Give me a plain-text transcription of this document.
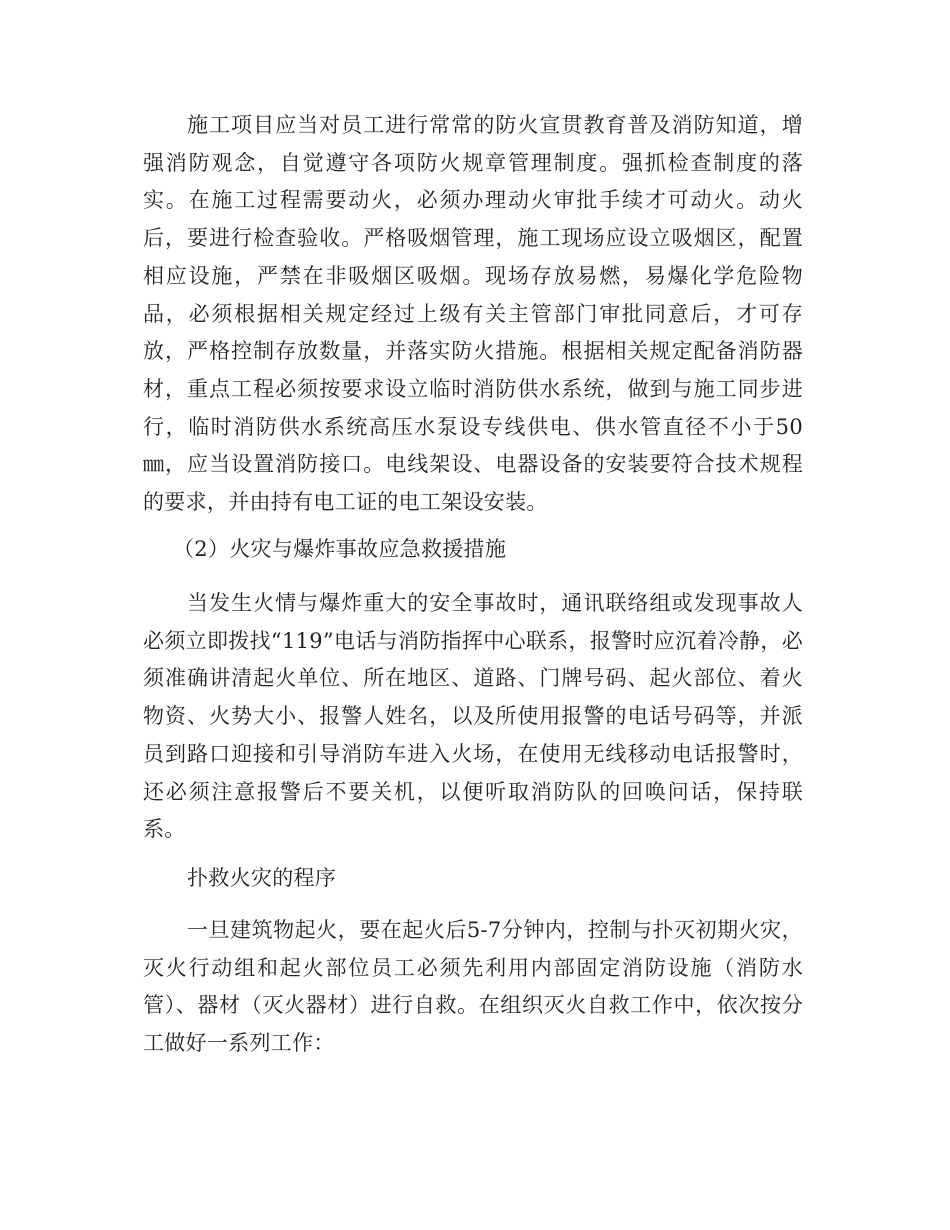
施工项目应当对员工进行常常的防火宣贯教育普及消防知道，增强消防观念，自觉遵守各项防火规章管理制度。强抓检查制度的落实。在施工过程需要动火，必须办理动火审批手续才可动火。动火后，要进行检查验收。严格吸烟管理，施工现场应设立吸烟区，配置相应设施，严禁在非吸烟区吸烟。现场存放易燃，易爆化学危险物品，必须根据相关规定经过上级有关主管部门审批同意后，才可存放，严格控制存放数量，并落实防火措施。根据相关规定配备消防器材，重点工程必须按要求设立临时消防供水系统，做到与施工同步进行，临时消防供水系统高压水泵设专线供电、供水管直径不小于50㎜，应当设置消防接口。电线架设、电器设备的安装要符合技术规程的要求，并由持有电工证的电工架设安装。

（2）火灾与爆炸事故应急救援措施

当发生火情与爆炸重大的安全事故时，通讯联络组或发现事故人必须立即拨找“119”电话与消防指挥中心联系，报警时应沉着冷静，必须准确讲清起火单位、所在地区、道路、门牌号码、起火部位、着火物资、火势大小、报警人姓名，以及所使用报警的电话号码等，并派员到路口迎接和引导消防车进入火场，在使用无线移动电话报警时，还必须注意报警后不要关机，以便听取消防队的回唤问话，保持联系。

扑救火灾的程序

一旦建筑物起火，要在起火后5-7分钟内，控制与扑灭初期火灾，灭火行动组和起火部位员工必须先利用内部固定消防设施（消防水管）、器材（灭火器材）进行自救。在组织灭火自救工作中，依次按分工做好一系列工作：
